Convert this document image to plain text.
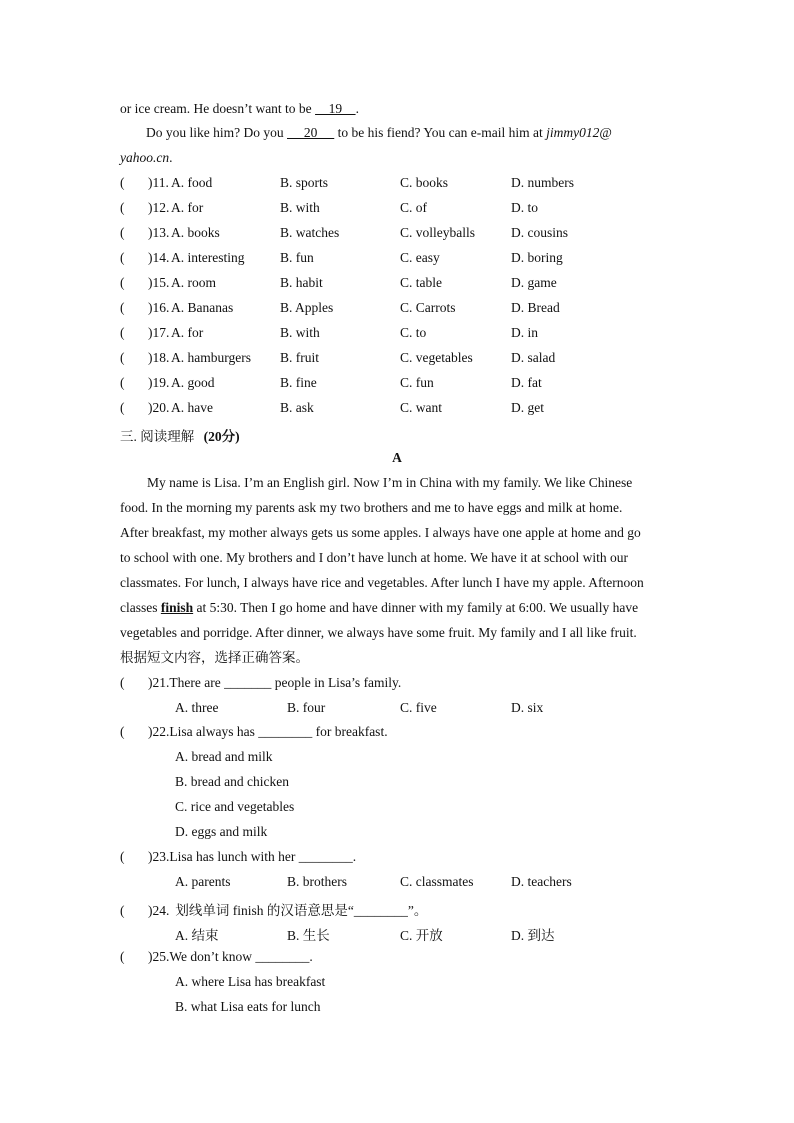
or ice cream. He doesn’t want to be     19    .
Do you like him? Do you      20      to be his fiend? You can e-mail him at jimmy012@
yahoo.cn.
( )11. A. food	B. sports	C. books	D. numbers
( )12. A. for	B. with	C. of	D. to
( )13. A. books	B. watches	C. volleyballs	D. cousins
( )14. A. interesting	B. fun	C. easy	D. boring
( )15. A. room	B. habit	C. table	D. game
( )16. A. Bananas	B. Apples	C. Carrots	D. Bread
( )17. A. for	B. with	C. to	D. in
( )18. A. hamburgers B. fruit	C. vegetables	D. salad
( )19. A. good	B. fine	C. fun	D. fat
( )20. A. have	B. ask	C. want	D. get
三. 阅读理解 (20分)
A
My name is Lisa. I’m an English girl. Now I’m in China with my family. We like Chinese
food. In the morning my parents ask my two brothers and me to have eggs and milk at home.
After breakfast, my mother always gets us some apples. I always have one apple at home and go
to school with one. My brothers and I don’t have lunch at home. We have it at school with our
classmates. For lunch, I always have rice and vegetables. After lunch I have my apple. Afternoon
classes finish at 5:30. Then I go home and have dinner with my family at 6:00. We usually have
vegetables and porridge. After dinner, we always have some fruit. My family and I all like fruit.
根据短文内容，选择正确答案。
( )21.There are _______ people in Lisa’s family.
A. three	B. four	C. five	D. six
( )22.Lisa always has ________ for breakfast.
A. bread and milk
B. bread and chicken
C. rice and vegetables
D. eggs and milk
( )23.Lisa has lunch with her ________.
A. parents	B. brothers	C. classmates	D. teachers
( )24. 划线单词 finish 的汉语意思是“________”。
A. 结束	B. 生长	C. 开放	D. 到达
( )25.We don’t know ________.
A. where Lisa has breakfast
B. what Lisa eats for lunch
